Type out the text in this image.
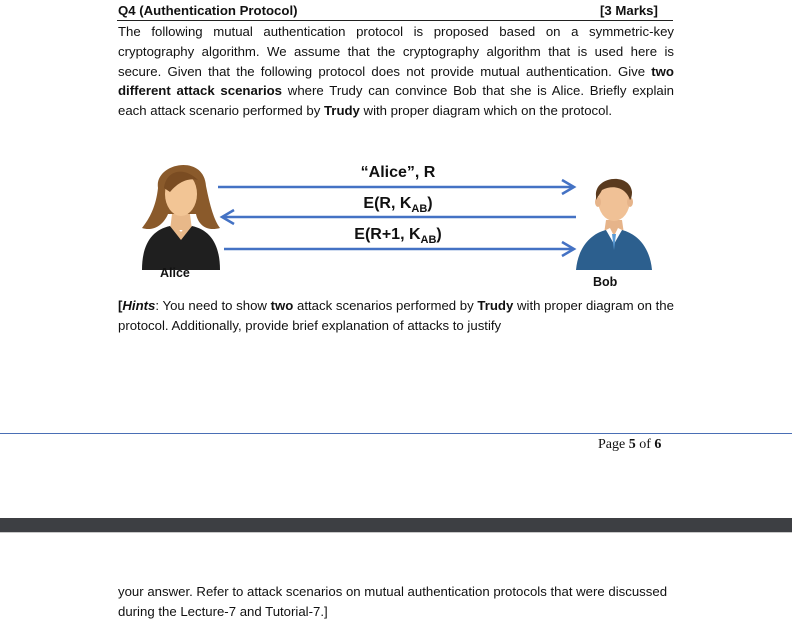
Q4 (Authentication Protocol)	[3 Marks]
The following mutual authentication protocol is proposed based on a symmetric-key cryptography algorithm. We assume that the cryptography algorithm that is used here is secure. Given that the following protocol does not provide mutual authentication. Give two different attack scenarios where Trudy can convince Bob that she is Alice. Briefly explain each attack scenario performed by Trudy with proper diagram which on the protocol.
“Alice”, R
E(R, $K_{AB}$)
E(R+1, $K_{AB}$)
Alice
Bob
[Hints: You need to show two attack scenarios performed by Trudy with proper diagram on the protocol. Additionally, provide brief explanation of attacks to justify
Page 5 of 6
your answer. Refer to attack scenarios on mutual authentication protocols that were discussed during the Lecture-7 and Tutorial-7.]
